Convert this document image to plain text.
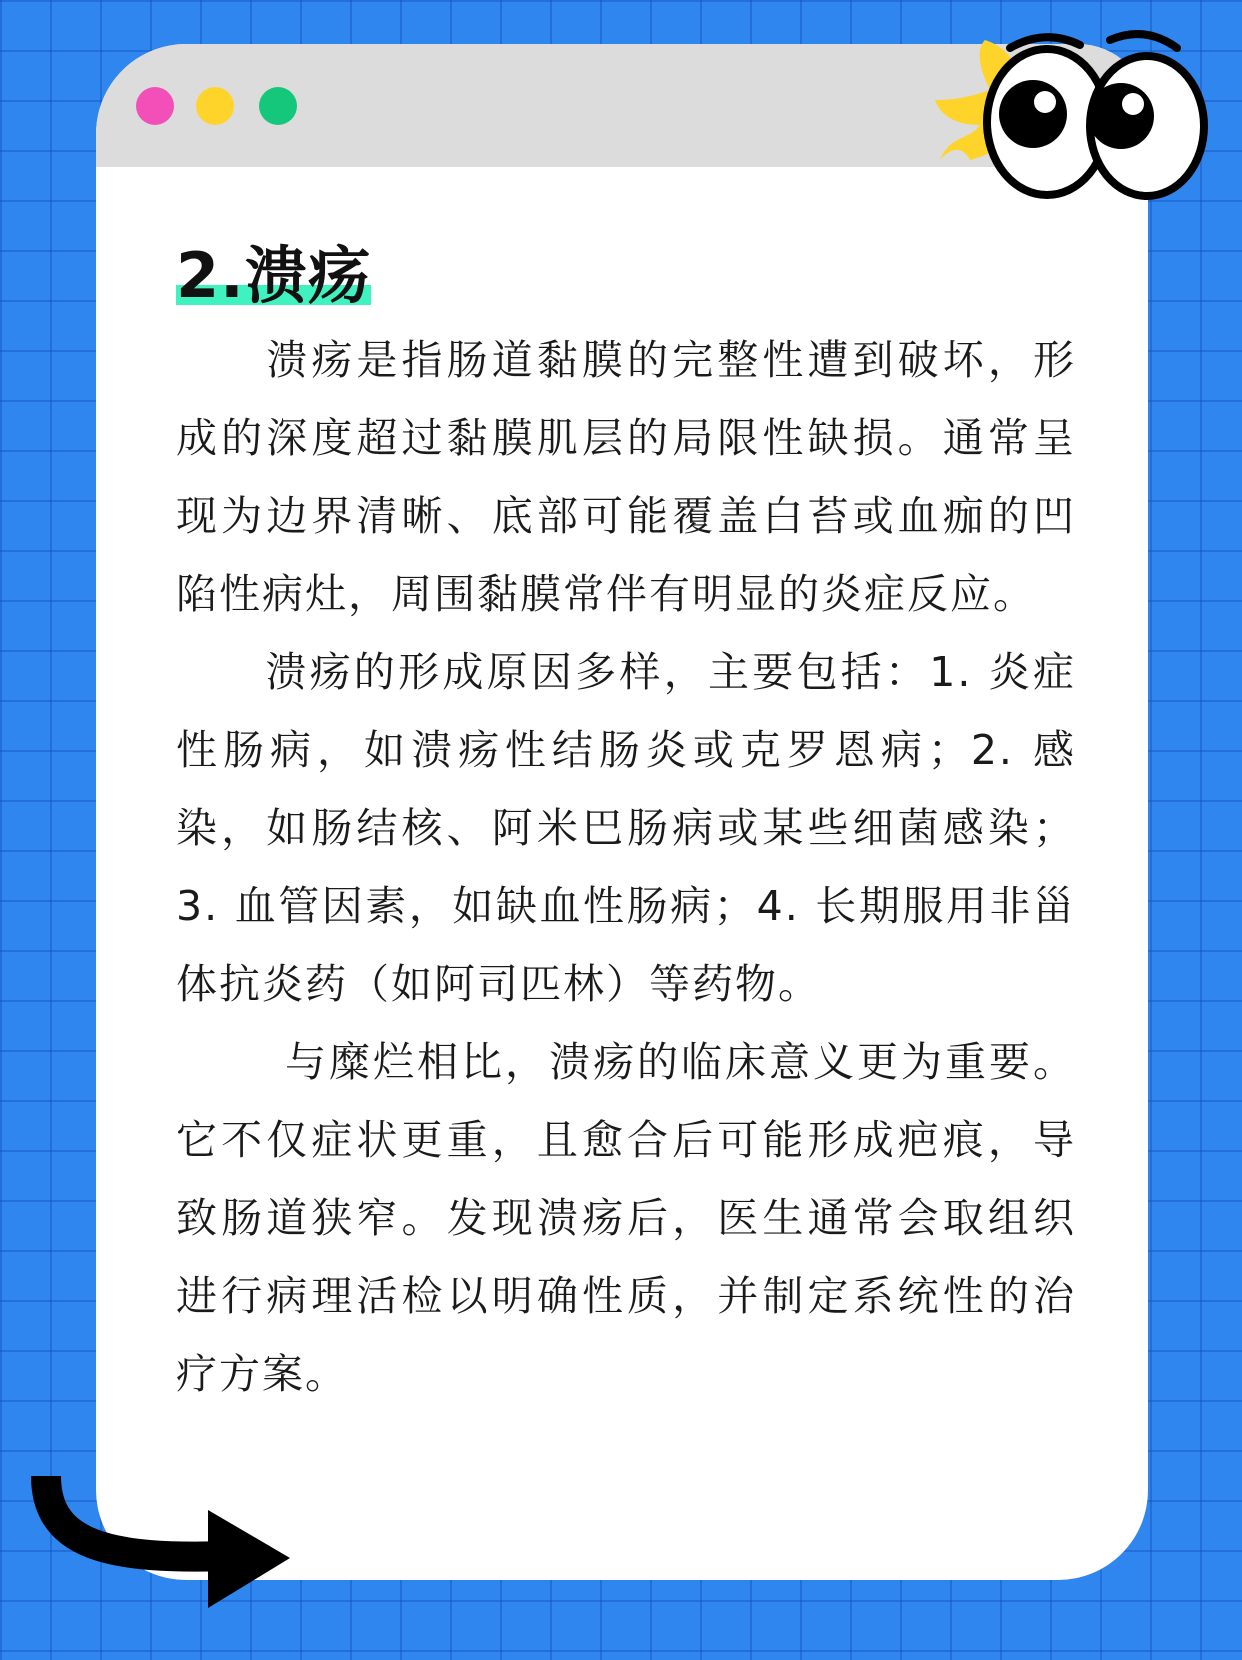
2.溃疡

溃疡是指肠道黏膜的完整性遭到破坏，形成的深度超过黏膜肌层的局限性缺损。通常呈现为边界清晰、底部可能覆盖白苔或血痂的凹陷性病灶，周围黏膜常伴有明显的炎症反应。

溃疡的形成原因多样，主要包括：1. 炎症性肠病，如溃疡性结肠炎或克罗恩病；2. 感染，如肠结核、阿米巴肠病或某些细菌感染；3. 血管因素，如缺血性肠病；4. 长期服用非甾体抗炎药（如阿司匹林）等药物。

与糜烂相比，溃疡的临床意义更为重要。它不仅症状更重，且愈合后可能形成疤痕，导致肠道狭窄。发现溃疡后，医生通常会取组织进行病理活检以明确性质，并制定系统性的治疗方案。
